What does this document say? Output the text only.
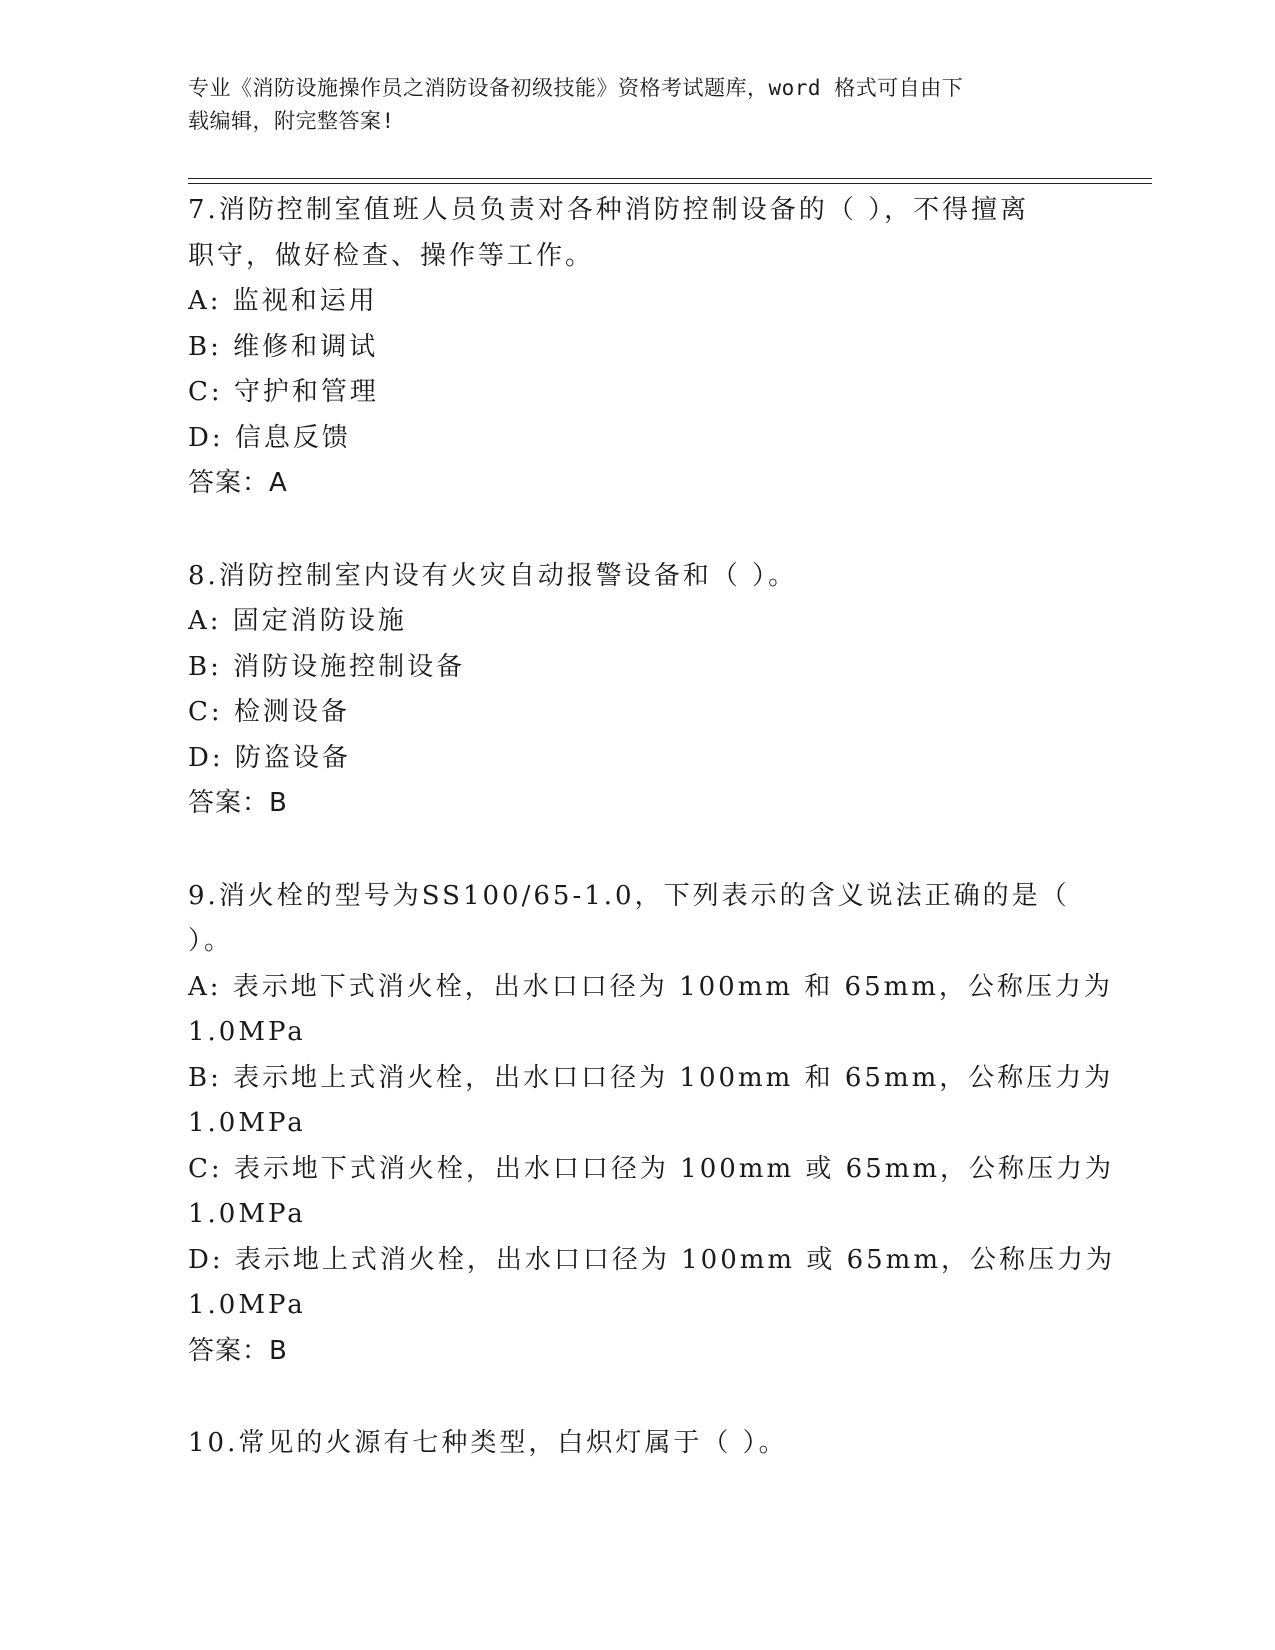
专业《消防设施操作员之消防设备初级技能》资格考试题库，word 格式可自由下
载编辑，附完整答案!
7.消防控制室值班人员负责对各种消防控制设备的（ ），不得擅离
职守，做好检查、操作等工作。
A: 监视和运用
B: 维修和调试
C: 守护和管理
D: 信息反馈
答案：A
8.消防控制室内设有火灾自动报警设备和（ ）。
A: 固定消防设施
B: 消防设施控制设备
C: 检测设备
D: 防盗设备
答案：B
9.消火栓的型号为SS100/65-1.0，下列表示的含义说法正确的是（
）。
A: 表示地下式消火栓，出水口口径为 100mm 和 65mm，公称压力为
1.0MPa
B: 表示地上式消火栓，出水口口径为 100mm 和 65mm，公称压力为
1.0MPa
C: 表示地下式消火栓，出水口口径为 100mm 或 65mm，公称压力为
1.0MPa
D: 表示地上式消火栓，出水口口径为 100mm 或 65mm，公称压力为
1.0MPa
答案：B
10.常见的火源有七种类型，白炽灯属于（ ）。
